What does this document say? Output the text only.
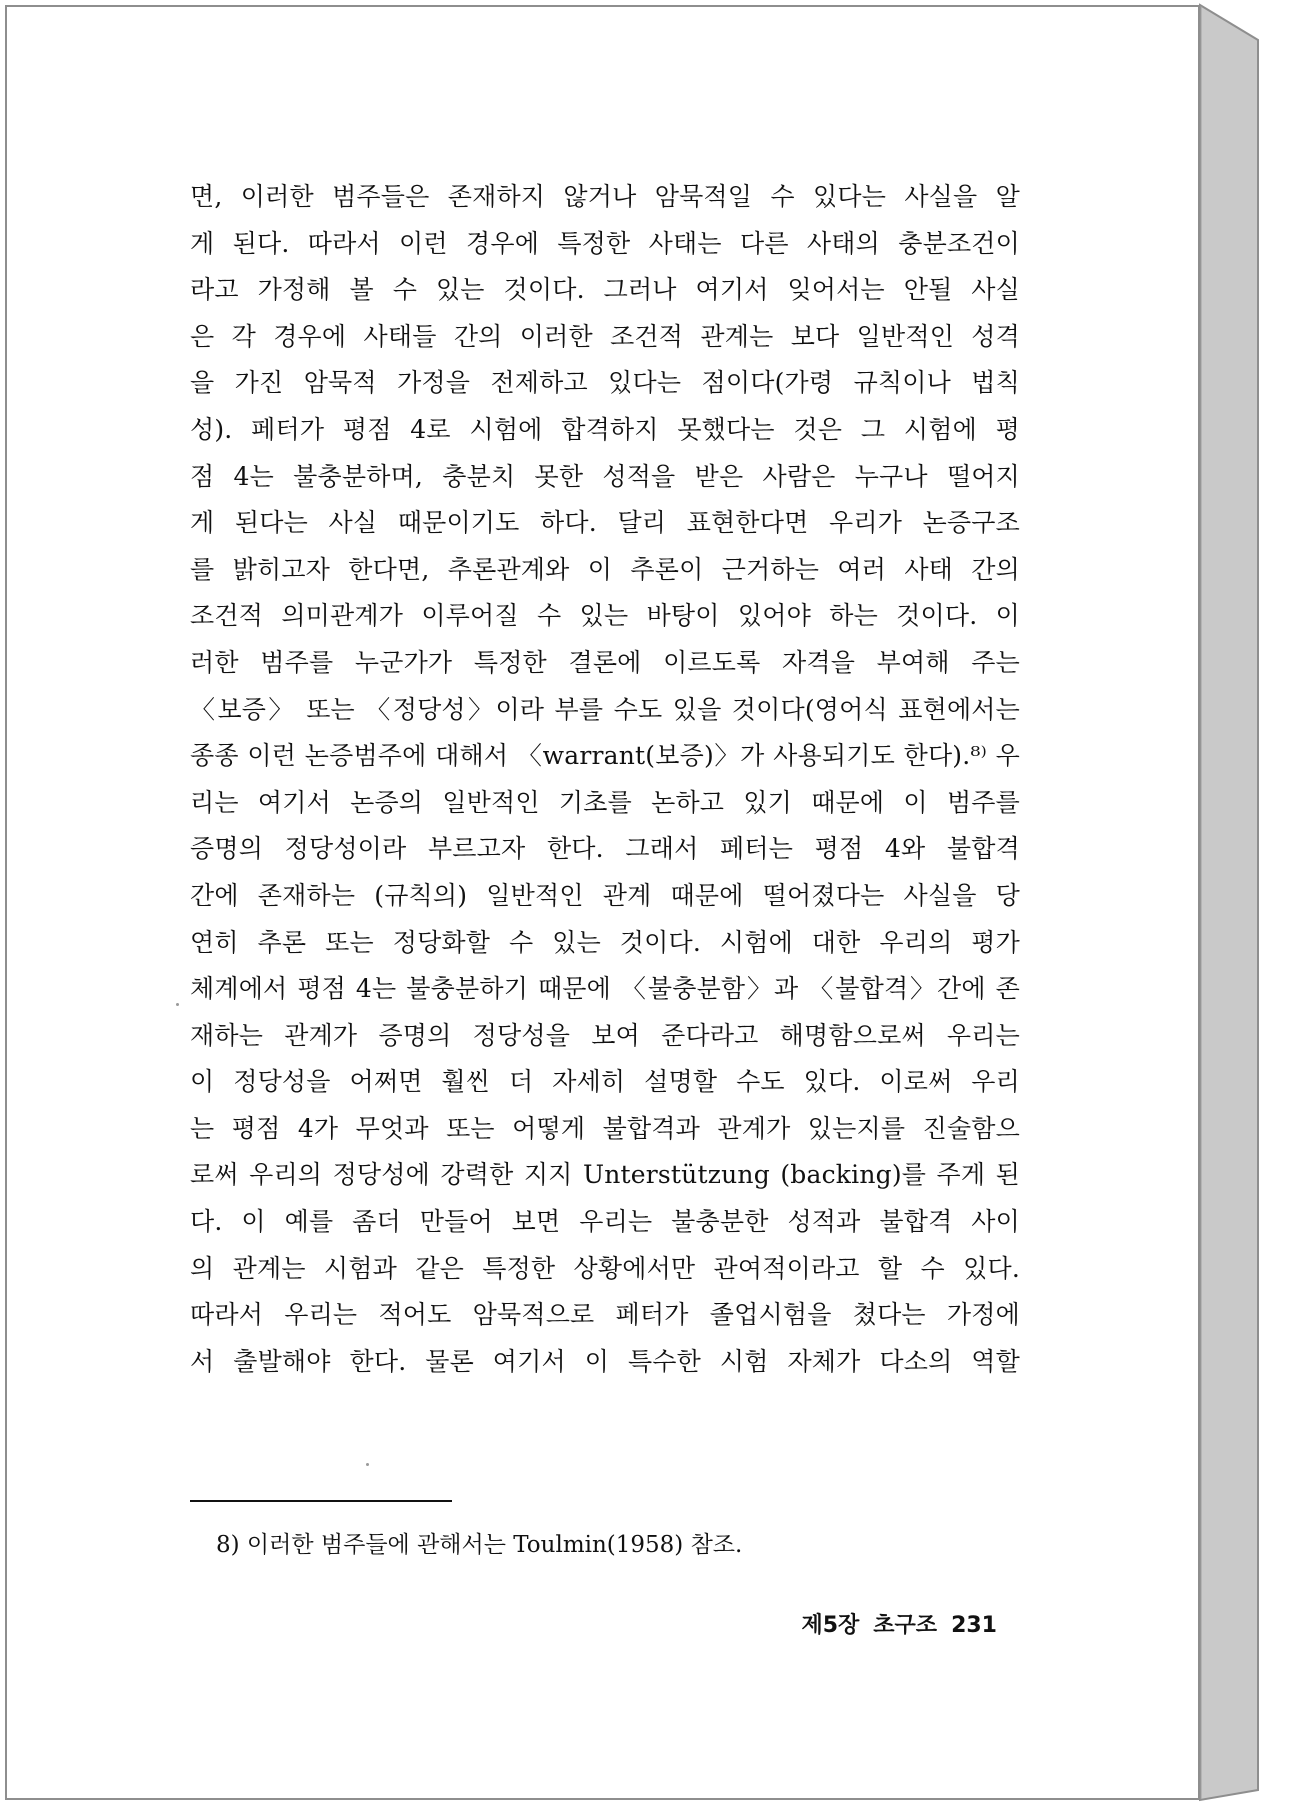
면, 이러한 범주들은 존재하지 않거나 암묵적일 수 있다는 사실을 알
게 된다. 따라서 이런 경우에 특정한 사태는 다른 사태의 충분조건이
라고 가정해 볼 수 있는 것이다. 그러나 여기서 잊어서는 안될 사실
은 각 경우에 사태들 간의 이러한 조건적 관계는 보다 일반적인 성격
을 가진 암묵적 가정을 전제하고 있다는 점이다(가령 규칙이나 법칙
성). 페터가 평점 4로 시험에 합격하지 못했다는 것은 그 시험에 평
점 4는 불충분하며, 충분치 못한 성적을 받은 사람은 누구나 떨어지
게 된다는 사실 때문이기도 하다. 달리 표현한다면 우리가 논증구조
를 밝히고자 한다면, 추론관계와 이 추론이 근거하는 여러 사태 간의
조건적 의미관계가 이루어질 수 있는 바탕이 있어야 하는 것이다. 이
러한 범주를 누군가가 특정한 결론에 이르도록 자격을 부여해 주는
〈보증〉 또는 〈정당성〉이라 부를 수도 있을 것이다(영어식 표현에서는
종종 이런 논증범주에 대해서 〈warrant(보증)〉가 사용되기도 한다).⁸⁾ 우
리는 여기서 논증의 일반적인 기초를 논하고 있기 때문에 이 범주를
증명의 정당성이라 부르고자 한다. 그래서 페터는 평점 4와 불합격
간에 존재하는 (규칙의) 일반적인 관계 때문에 떨어졌다는 사실을 당
연히 추론 또는 정당화할 수 있는 것이다. 시험에 대한 우리의 평가
체계에서 평점 4는 불충분하기 때문에 〈불충분함〉과 〈불합격〉간에 존
재하는 관계가 증명의 정당성을 보여 준다라고 해명함으로써 우리는
이 정당성을 어쩌면 훨씬 더 자세히 설명할 수도 있다. 이로써 우리
는 평점 4가 무엇과 또는 어떻게 불합격과 관계가 있는지를 진술함으
로써 우리의 정당성에 강력한 지지 Unterstützung (backing)를 주게 된
다. 이 예를 좀더 만들어 보면 우리는 불충분한 성적과 불합격 사이
의 관계는 시험과 같은 특정한 상황에서만 관여적이라고 할 수 있다.
따라서 우리는 적어도 암묵적으로 페터가 졸업시험을 쳤다는 가정에
서 출발해야 한다. 물론 여기서 이 특수한 시험 자체가 다소의 역할
8) 이러한 범주들에 관해서는 Toulmin(1958) 참조.
제5장 초구조 231
